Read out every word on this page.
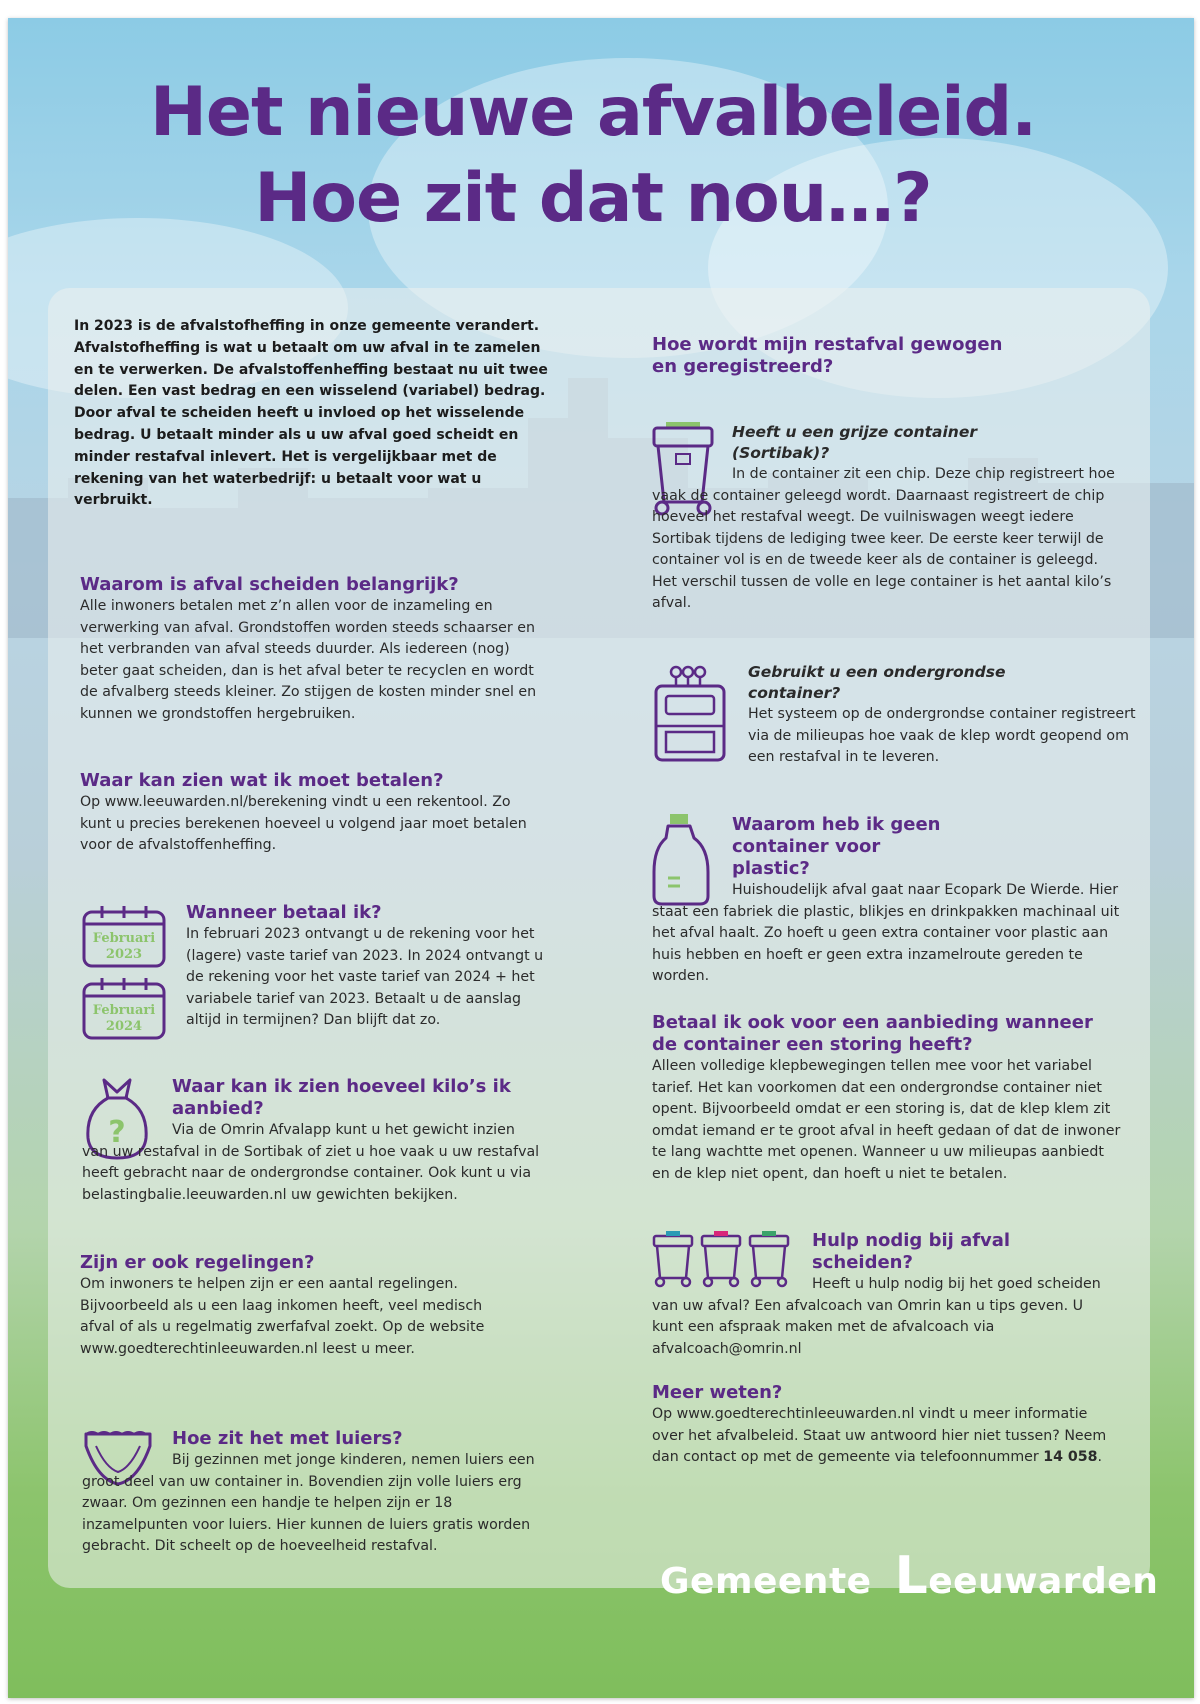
Het nieuwe afvalbeleid.
Hoe zit dat nou…?

In 2023 is de afvalstofheffing in onze gemeente verandert. Afvalstofheffing is wat u betaalt om uw afval in te zamelen en te verwerken. De afvalstoffenheffing bestaat nu uit twee delen. Een vast bedrag en een wisselend (variabel) bedrag. Door afval te scheiden heeft u invloed op het wisselende bedrag. U betaalt minder als u uw afval goed scheidt en minder restafval inlevert. Het is vergelijkbaar met de rekening van het waterbedrijf: u betaalt voor wat u verbruikt.

Waarom is afval scheiden belangrijk?

Alle inwoners betalen met z’n allen voor de inzameling en verwerking van afval. Grondstoffen worden steeds schaarser en het verbranden van afval steeds duurder. Als iedereen (nog) beter gaat scheiden, dan is het afval beter te recyclen en wordt de afvalberg steeds kleiner. Zo stijgen de kosten minder snel en kunnen we grondstoffen hergebruiken.

Waar kan zien wat ik moet betalen?

Op www.leeuwarden.nl/berekening vindt u een rekentool. Zo kunt u precies berekenen hoeveel u volgend jaar moet betalen voor de afvalstoffenheffing.

Februari
2023
Februari
2024
Wanneer betaal ik?

In februari 2023 ontvangt u de rekening voor het (lagere) vaste tarief van 2023. In 2024 ontvangt u de rekening voor het vaste tarief van 2024 + het variabele tarief van 2023. Betaalt u de aanslag altijd in termijnen? Dan blijft dat zo.

?
Waar kan ik zien hoeveel kilo’s ik aanbied?

Via de Omrin Afvalapp kunt u het gewicht inzien van uw restafval in de Sortibak of ziet u hoe vaak u uw restafval heeft gebracht naar de ondergrondse container. Ook kunt u via belastingbalie.leeuwarden.nl uw gewichten bekijken.

Zijn er ook regelingen?

Om inwoners te helpen zijn er een aantal regelingen. Bijvoorbeeld als u een laag inkomen heeft, veel medisch afval of als u regelmatig zwerfafval zoekt. Op de website www.goedterechtinleeuwarden.nl leest u meer.

Hoe zit het met luiers?

Bij gezinnen met jonge kinderen, nemen luiers een groot deel van uw container in. Bovendien zijn volle luiers erg zwaar. Om gezinnen een handje te helpen zijn er 18 inzamelpunten voor luiers. Hier kunnen de luiers gratis worden gebracht. Dit scheelt op de hoeveelheid restafval.

Hoe wordt mijn restafval gewogen en geregistreerd?
Heeft u een grijze container (Sortibak)?

In de container zit een chip. Deze chip registreert hoe vaak de container geleegd wordt. Daarnaast registreert de chip hoeveel het restafval weegt. De vuilniswagen weegt iedere Sortibak tijdens de lediging twee keer. De eerste keer terwijl de container vol is en de tweede keer als de container is geleegd. Het verschil tussen de volle en lege container is het aantal kilo’s afval.

Gebruikt u een ondergrondse container?

Het systeem op de ondergrondse container registreert via de milieupas hoe vaak de klep wordt geopend om een restafval in te leveren.

Waarom heb ik geen container voor plastic?

Huishoudelijk afval gaat naar Ecopark De Wierde. Hier staat een fabriek die plastic, blikjes en drinkpakken machinaal uit het afval haalt. Zo hoeft u geen extra container voor plastic aan huis hebben en hoeft er geen extra inzamelroute gereden te worden.

Betaal ik ook voor een aanbieding wanneer de container een storing heeft?

Alleen volledige klepbewegingen tellen mee voor het variabel tarief. Het kan voorkomen dat een ondergrondse container niet opent. Bijvoorbeeld omdat er een storing is, dat de klep klem zit omdat iemand er te groot afval in heeft gedaan of dat de inwoner te lang wachtte met openen. Wanneer u uw milieupas aanbiedt en de klep niet opent, dan hoeft u niet te betalen.

Hulp nodig bij afval scheiden?

Heeft u hulp nodig bij het goed scheiden van uw afval? Een afvalcoach van Omrin kan u tips geven. U kunt een afspraak maken met de afvalcoach via afvalcoach@omrin.nl

Meer weten?

Op www.goedterechtinleeuwarden.nl vindt u meer informatie over het afvalbeleid. Staat uw antwoord hier niet tussen? Neem dan contact op met de gemeente via telefoonnummer 14 058.

Gemeente Leeuwarden
